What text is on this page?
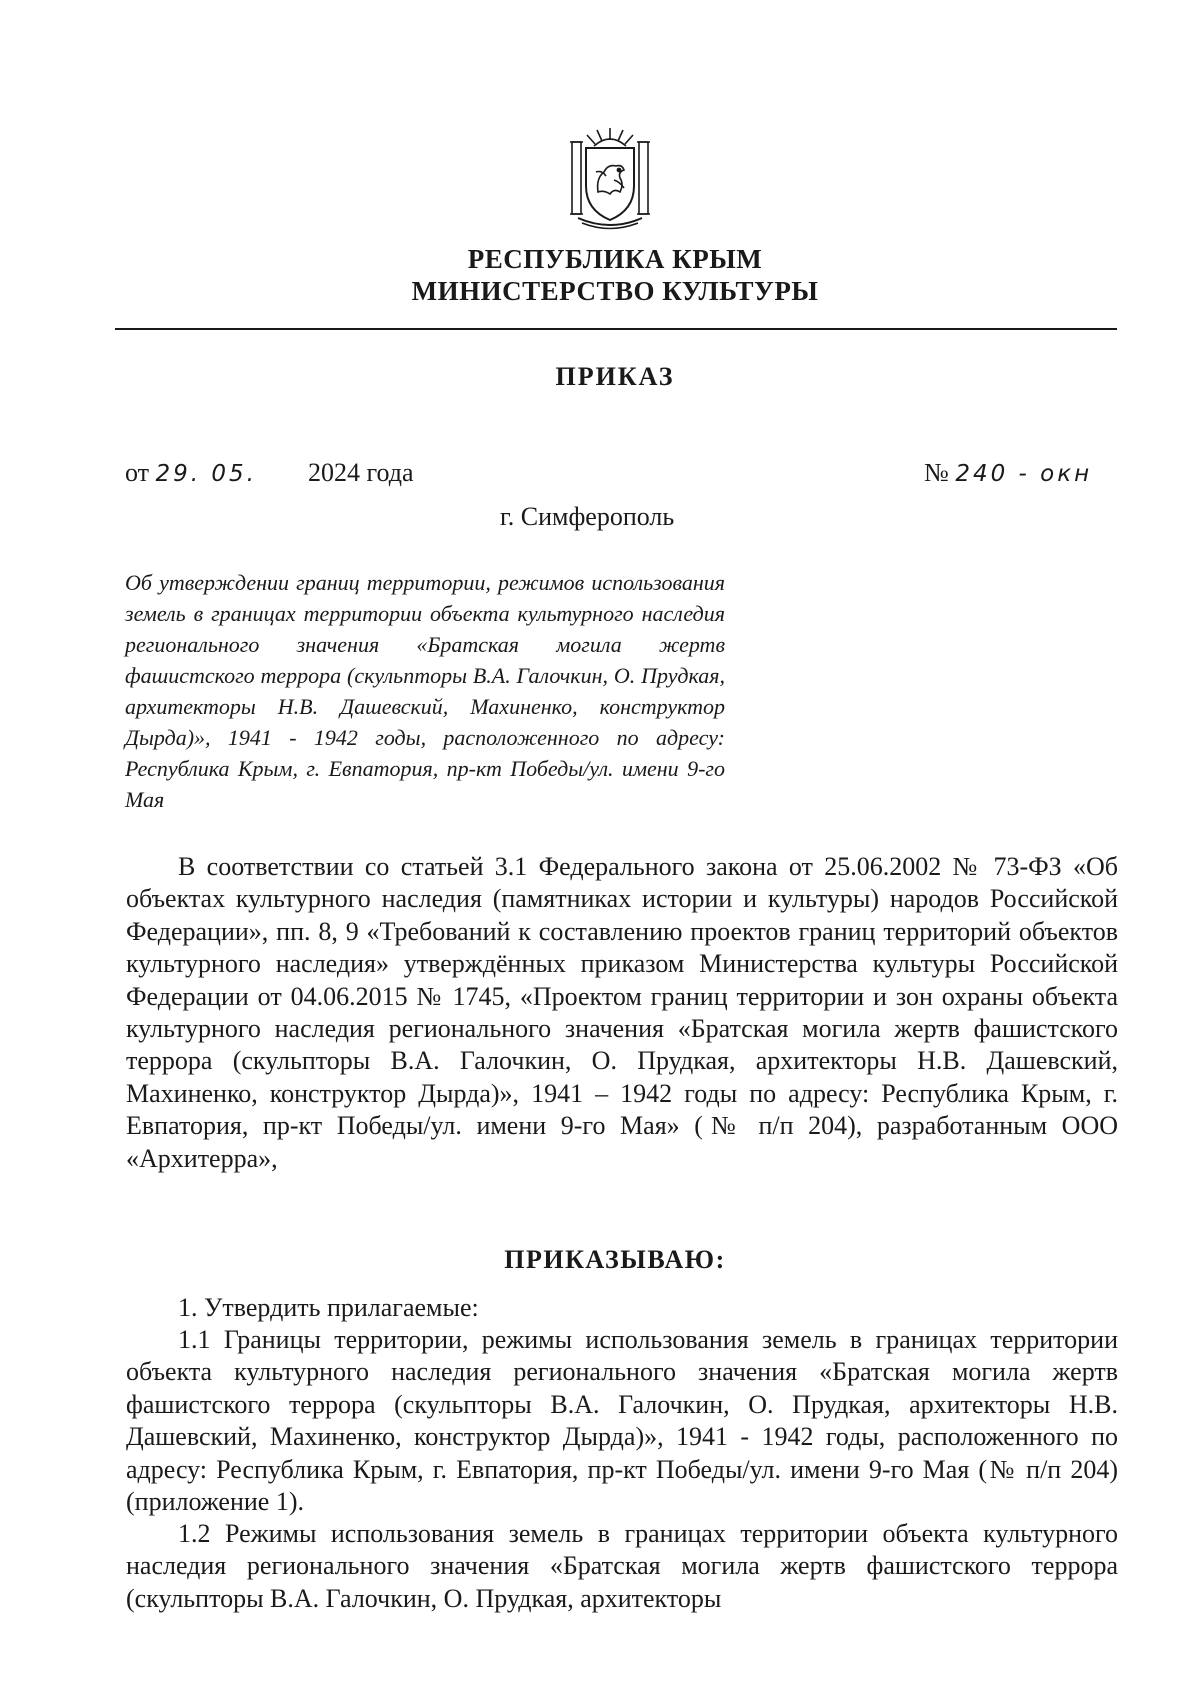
РЕСПУБЛИКА КРЫМ
МИНИСТЕРСТВО КУЛЬТУРЫ
ПРИКАЗ
от 29. 05. 2024 года	№ 240 - окн
г. Симферополь
Об утверждении границ территории, режимов использования земель в границах территории объекта культурного наследия регионального значения «Братская могила жертв фашистского террора (скульпторы В.А. Галочкин, О. Прудкая, архитекторы Н.В. Дашевский, Махиненко, конструктор Дырда)», 1941 - 1942 годы, расположенного по адресу: Республика Крым, г. Евпатория, пр-кт Победы/ул. имени 9-го Мая
В соответствии со статьей 3.1 Федерального закона от 25.06.2002 № 73-ФЗ «Об объектах культурного наследия (памятниках истории и культуры) народов Российской Федерации», пп. 8, 9 «Требований к составлению проектов границ территорий объектов культурного наследия» утверждённых приказом Министерства культуры Российской Федерации от 04.06.2015 № 1745, «Проектом границ территории и зон охраны объекта культурного наследия регионального значения «Братская могила жертв фашистского террора (скульпторы В.А. Галочкин, О. Прудкая, архитекторы Н.В. Дашевский, Махиненко, конструктор Дырда)», 1941 – 1942 годы по адресу: Республика Крым, г. Евпатория, пр-кт Победы/ул. имени 9-го Мая» (№ п/п 204), разработанным ООО «Архитерра»,
ПРИКАЗЫВАЮ:
1. Утвердить прилагаемые:
1.1 Границы территории, режимы использования земель в границах территории объекта культурного наследия регионального значения «Братская могила жертв фашистского террора (скульпторы В.А. Галочкин, О. Прудкая, архитекторы Н.В. Дашевский, Махиненко, конструктор Дырда)», 1941 - 1942 годы, расположенного по адресу: Республика Крым, г. Евпатория, пр-кт Победы/ул. имени 9-го Мая (№ п/п 204) (приложение 1).
1.2 Режимы использования земель в границах территории объекта культурного наследия регионального значения «Братская могила жертв фашистского террора (скульпторы В.А. Галочкин, О. Прудкая, архитекторы
